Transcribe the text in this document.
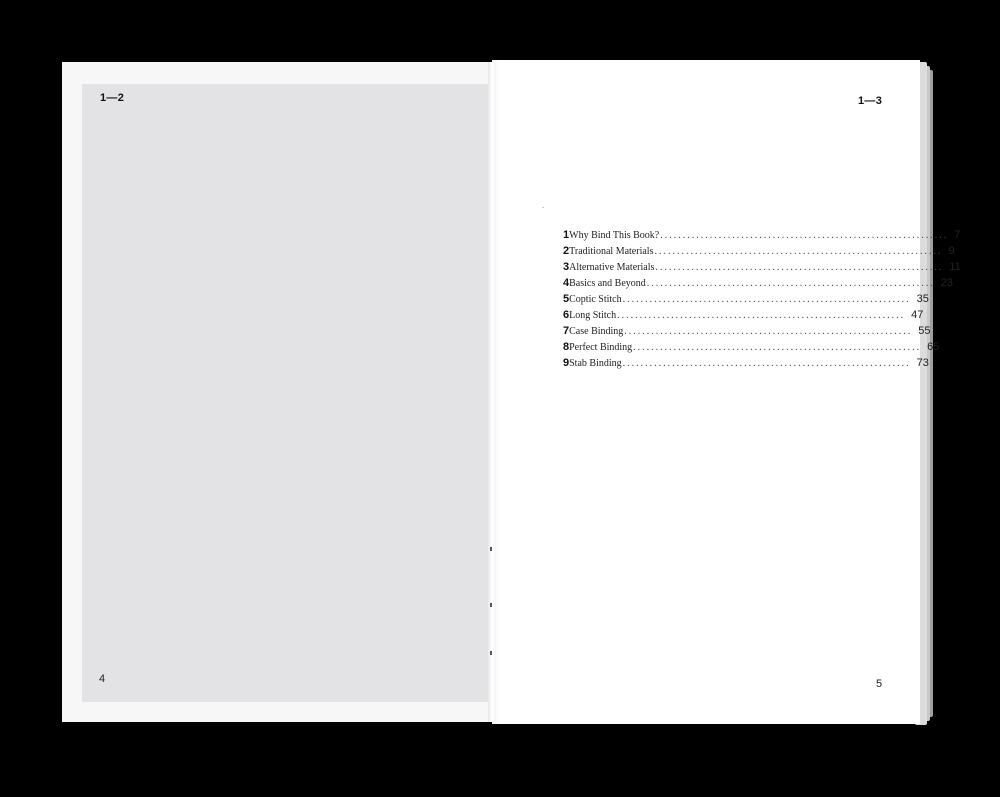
1—2	1—3
4	5
⋅
1 Why Bind This Book? ................................................................ 7
2 Traditional Materials ................................................................ 9
3 Alternative Materials ................................................................ 11
4 Basics and Beyond ................................................................ 23
5 Coptic Stitch ................................................................ 35
6 Long Stitch ................................................................ 47
7 Case Binding ................................................................ 55
8 Perfect Binding ................................................................ 65
9 Stab Binding ................................................................ 73
